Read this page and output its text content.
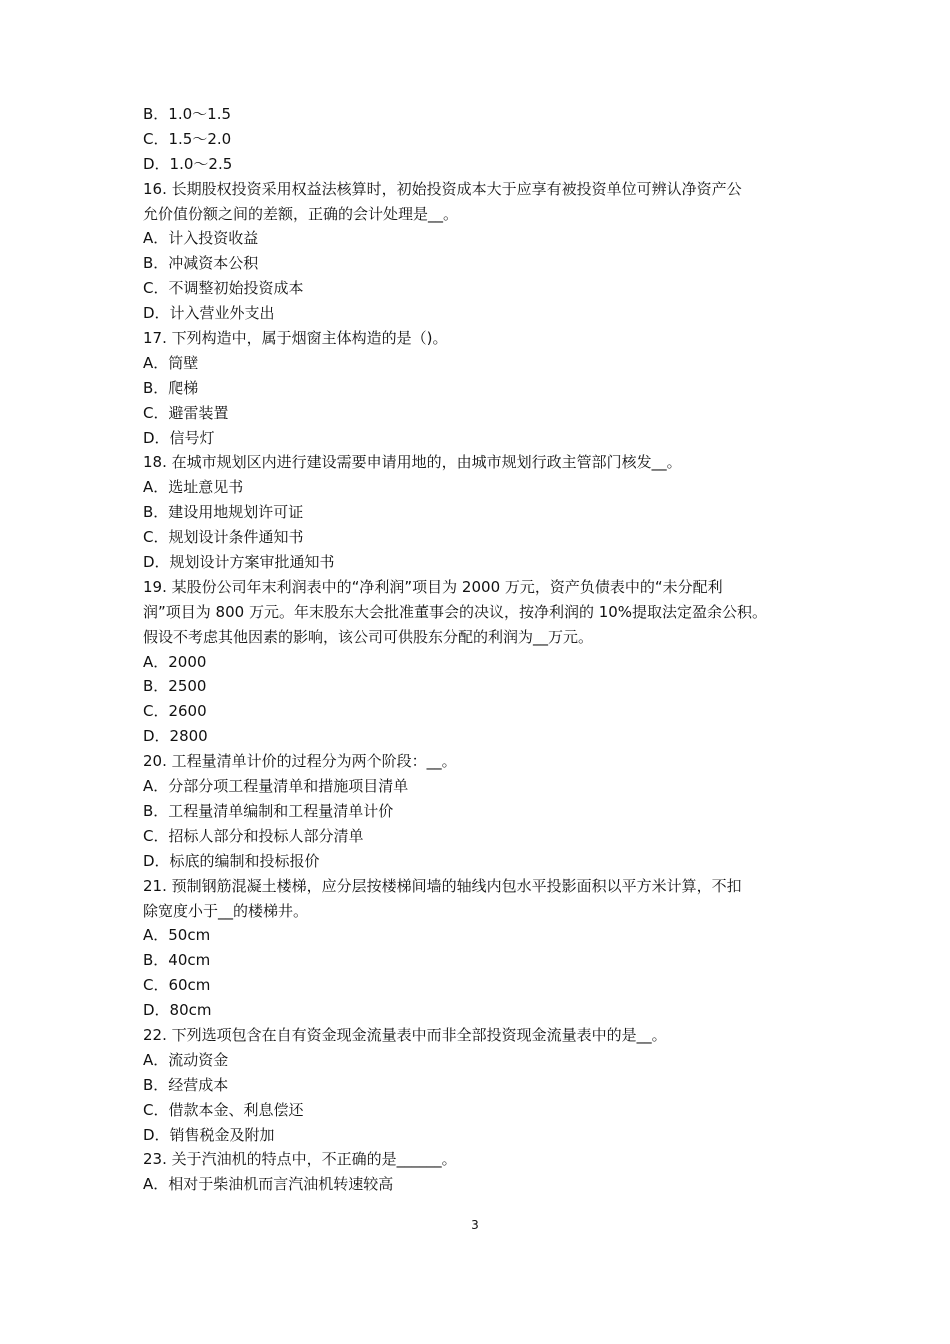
B．1.0～1.5
C．1.5～2.0
D．1.0～2.5
16. 长期股权投资采用权益法核算时，初始投资成本大于应享有被投资单位可辨认净资产公
允价值份额之间的差额，正确的会计处理是__。
A．计入投资收益
B．冲减资本公积
C．不调整初始投资成本
D．计入营业外支出
17. 下列构造中，属于烟窗主体构造的是（)。
A．筒壁
B．爬梯
C．避雷装置
D．信号灯
18. 在城市规划区内进行建设需要申请用地的，由城市规划行政主管部门核发__。
A．选址意见书
B．建设用地规划许可证
C．规划设计条件通知书
D．规划设计方案审批通知书
19. 某股份公司年末利润表中的“净利润”项目为 2000 万元，资产负债表中的“未分配利
润”项目为 800 万元。年末股东大会批准董事会的决议，按净利润的 10%提取法定盈余公积。
假设不考虑其他因素的影响，该公司可供股东分配的利润为__万元。
A．2000
B．2500
C．2600
D．2800
20. 工程量清单计价的过程分为两个阶段：__。
A．分部分项工程量清单和措施项目清单
B．工程量清单编制和工程量清单计价
C．招标人部分和投标人部分清单
D．标底的编制和投标报价
21. 预制钢筋混凝土楼梯，应分层按楼梯间墙的轴线内包水平投影面积以平方米计算，不扣
除宽度小于__的楼梯井。
A．50cm
B．40cm
C．60cm
D．80cm
22. 下列选项包含在自有资金现金流量表中而非全部投资现金流量表中的是__。
A．流动资金
B．经营成本
C．借款本金、利息偿还
D．销售税金及附加
23. 关于汽油机的特点中，不正确的是______。
A．相对于柴油机而言汽油机转速较高
3
